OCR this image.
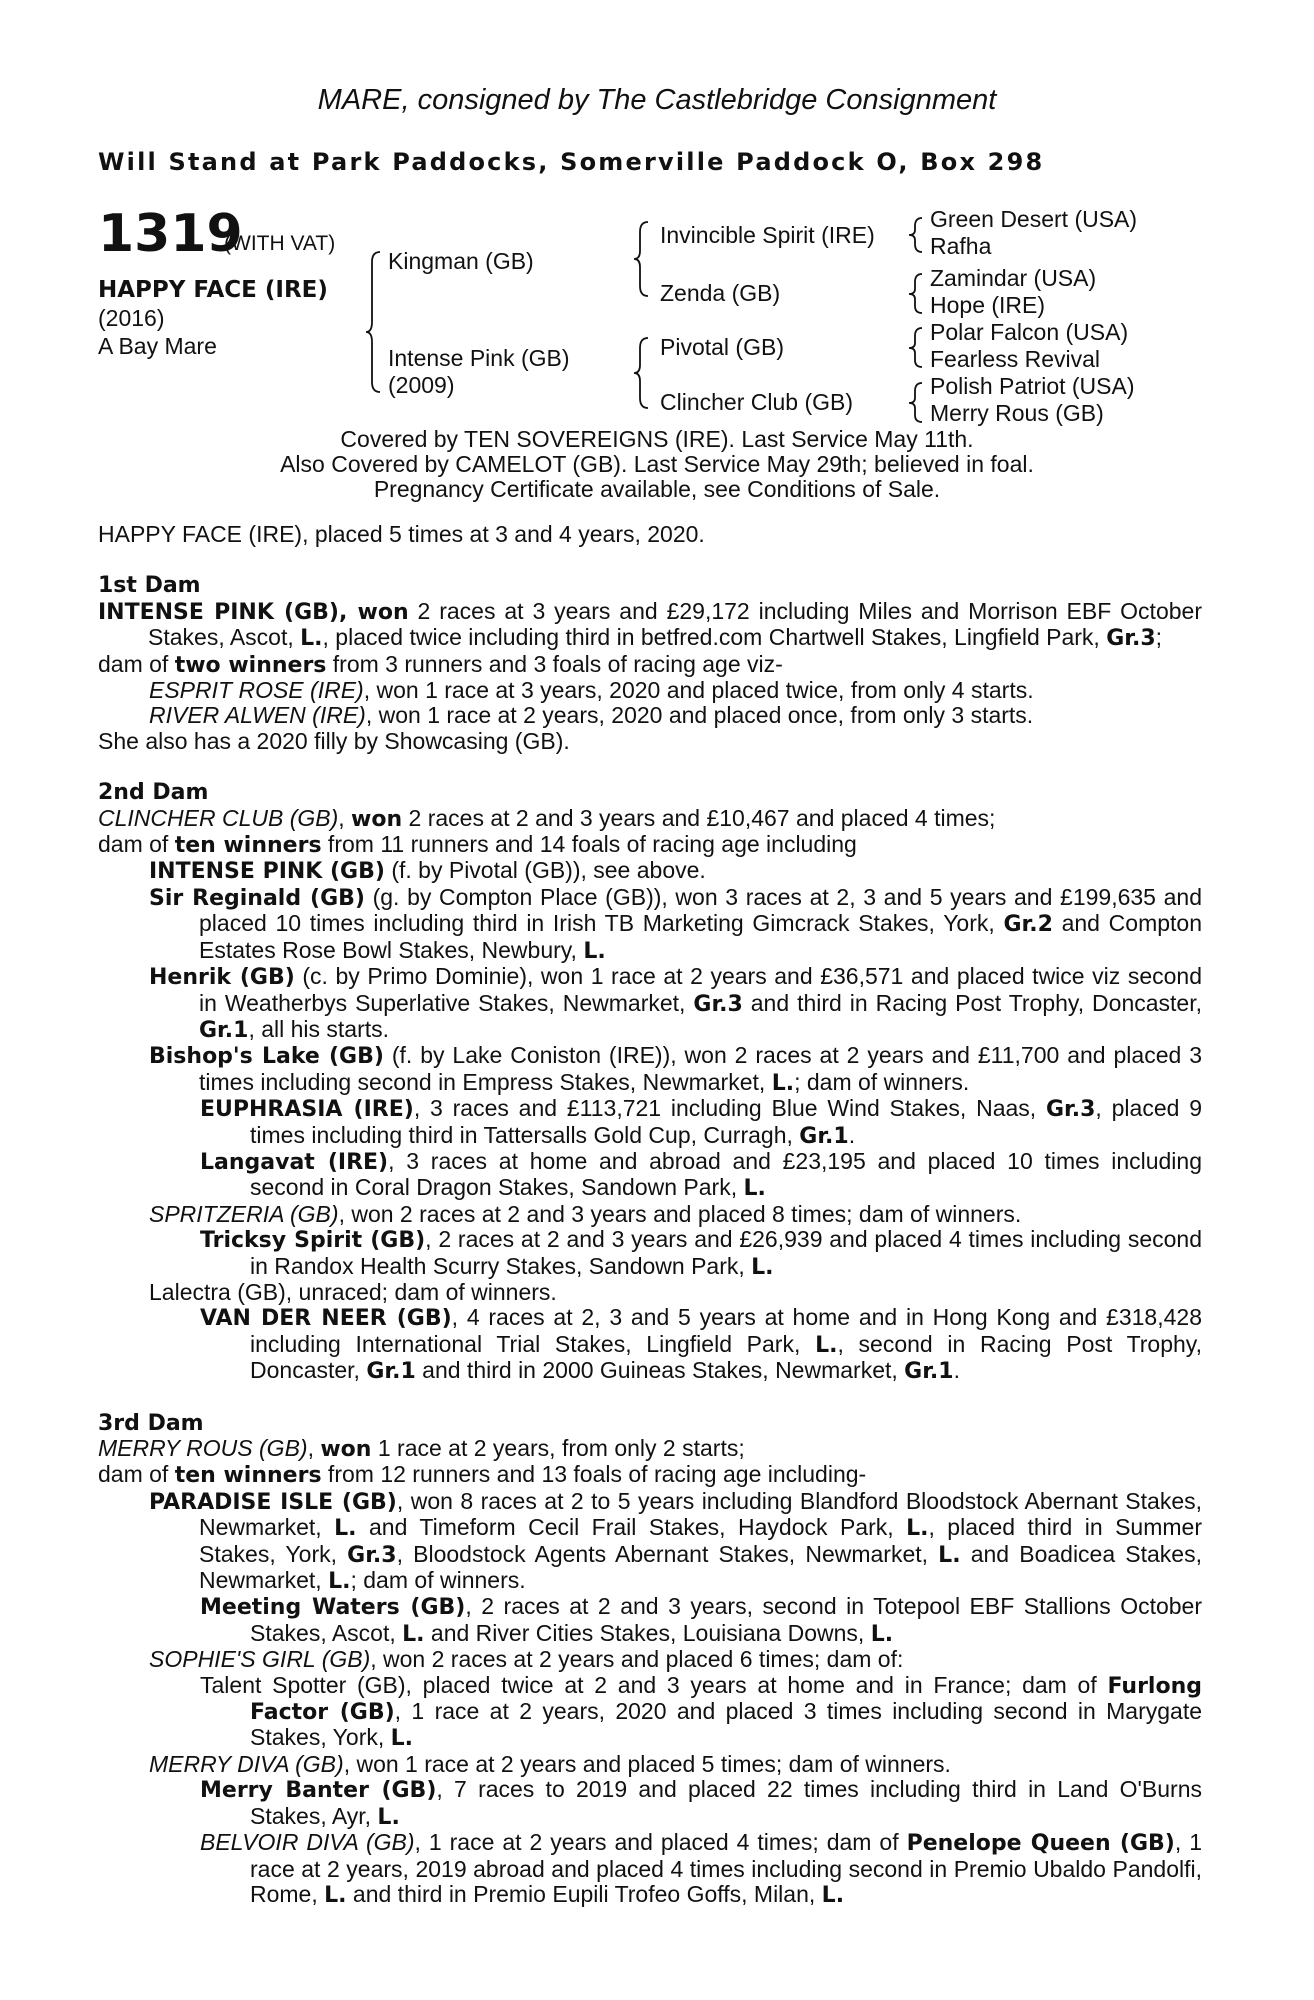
MARE, consigned by The Castlebridge Consignment
Will Stand at Park Paddocks, Somerville Paddock O, Box 298
1319
(WITH VAT)
HAPPY FACE (IRE)
(2016)
A Bay Mare
Kingman (GB)
Intense Pink (GB)
(2009)
Invincible Spirit (IRE)
Zenda (GB)
Pivotal (GB)
Clincher Club (GB)
Green Desert (USA)
Rafha
Zamindar (USA)
Hope (IRE)
Polar Falcon (USA)
Fearless Revival
Polish Patriot (USA)
Merry Rous (GB)
Covered by TEN SOVEREIGNS (IRE). Last Service May 11th.
Also Covered by CAMELOT (GB). Last Service May 29th; believed in foal.
Pregnancy Certificate available, see Conditions of Sale.
HAPPY FACE (IRE), placed 5 times at 3 and 4 years, 2020.
1st Dam
INTENSE PINK (GB), won 2 races at 3 years and £29,172 including Miles and Morrison EBF October Stakes, Ascot, L., placed twice including third in betfred.com Chartwell Stakes, Lingfield Park, Gr.3;
dam of two winners from 3 runners and 3 foals of racing age viz-
ESPRIT ROSE (IRE), won 1 race at 3 years, 2020 and placed twice, from only 4 starts.
RIVER ALWEN (IRE), won 1 race at 2 years, 2020 and placed once, from only 3 starts.
She also has a 2020 filly by Showcasing (GB).
2nd Dam
CLINCHER CLUB (GB), won 2 races at 2 and 3 years and £10,467 and placed 4 times;
dam of ten winners from 11 runners and 14 foals of racing age including
INTENSE PINK (GB) (f. by Pivotal (GB)), see above.
Sir Reginald (GB) (g. by Compton Place (GB)), won 3 races at 2, 3 and 5 years and £199,635 and placed 10 times including third in Irish TB Marketing Gimcrack Stakes, York, Gr.2 and Compton Estates Rose Bowl Stakes, Newbury, L.
Henrik (GB) (c. by Primo Dominie), won 1 race at 2 years and £36,571 and placed twice viz second in Weatherbys Superlative Stakes, Newmarket, Gr.3 and third in Racing Post Trophy, Doncaster, Gr.1, all his starts.
Bishop's Lake (GB) (f. by Lake Coniston (IRE)), won 2 races at 2 years and £11,700 and placed 3 times including second in Empress Stakes, Newmarket, L.; dam of winners.
EUPHRASIA (IRE), 3 races and £113,721 including Blue Wind Stakes, Naas, Gr.3, placed 9 times including third in Tattersalls Gold Cup, Curragh, Gr.1.
Langavat (IRE), 3 races at home and abroad and £23,195 and placed 10 times including second in Coral Dragon Stakes, Sandown Park, L.
SPRITZERIA (GB), won 2 races at 2 and 3 years and placed 8 times; dam of winners.
Tricksy Spirit (GB), 2 races at 2 and 3 years and £26,939 and placed 4 times including second in Randox Health Scurry Stakes, Sandown Park, L.
Lalectra (GB), unraced; dam of winners.
VAN DER NEER (GB), 4 races at 2, 3 and 5 years at home and in Hong Kong and £318,428 including International Trial Stakes, Lingfield Park, L., second in Racing Post Trophy, Doncaster, Gr.1 and third in 2000 Guineas Stakes, Newmarket, Gr.1.
3rd Dam
MERRY ROUS (GB), won 1 race at 2 years, from only 2 starts;
dam of ten winners from 12 runners and 13 foals of racing age including-
PARADISE ISLE (GB), won 8 races at 2 to 5 years including Blandford Bloodstock Abernant Stakes, Newmarket, L. and Timeform Cecil Frail Stakes, Haydock Park, L., placed third in Summer Stakes, York, Gr.3, Bloodstock Agents Abernant Stakes, Newmarket, L. and Boadicea Stakes, Newmarket, L.; dam of winners.
Meeting Waters (GB), 2 races at 2 and 3 years, second in Totepool EBF Stallions October Stakes, Ascot, L. and River Cities Stakes, Louisiana Downs, L.
SOPHIE'S GIRL (GB), won 2 races at 2 years and placed 6 times; dam of:
Talent Spotter (GB), placed twice at 2 and 3 years at home and in France; dam of Furlong Factor (GB), 1 race at 2 years, 2020 and placed 3 times including second in Marygate Stakes, York, L.
MERRY DIVA (GB), won 1 race at 2 years and placed 5 times; dam of winners.
Merry Banter (GB), 7 races to 2019 and placed 22 times including third in Land O'Burns Stakes, Ayr, L.
BELVOIR DIVA (GB), 1 race at 2 years and placed 4 times; dam of Penelope Queen (GB), 1 race at 2 years, 2019 abroad and placed 4 times including second in Premio Ubaldo Pandolfi, Rome, L. and third in Premio Eupili Trofeo Goffs, Milan, L.
